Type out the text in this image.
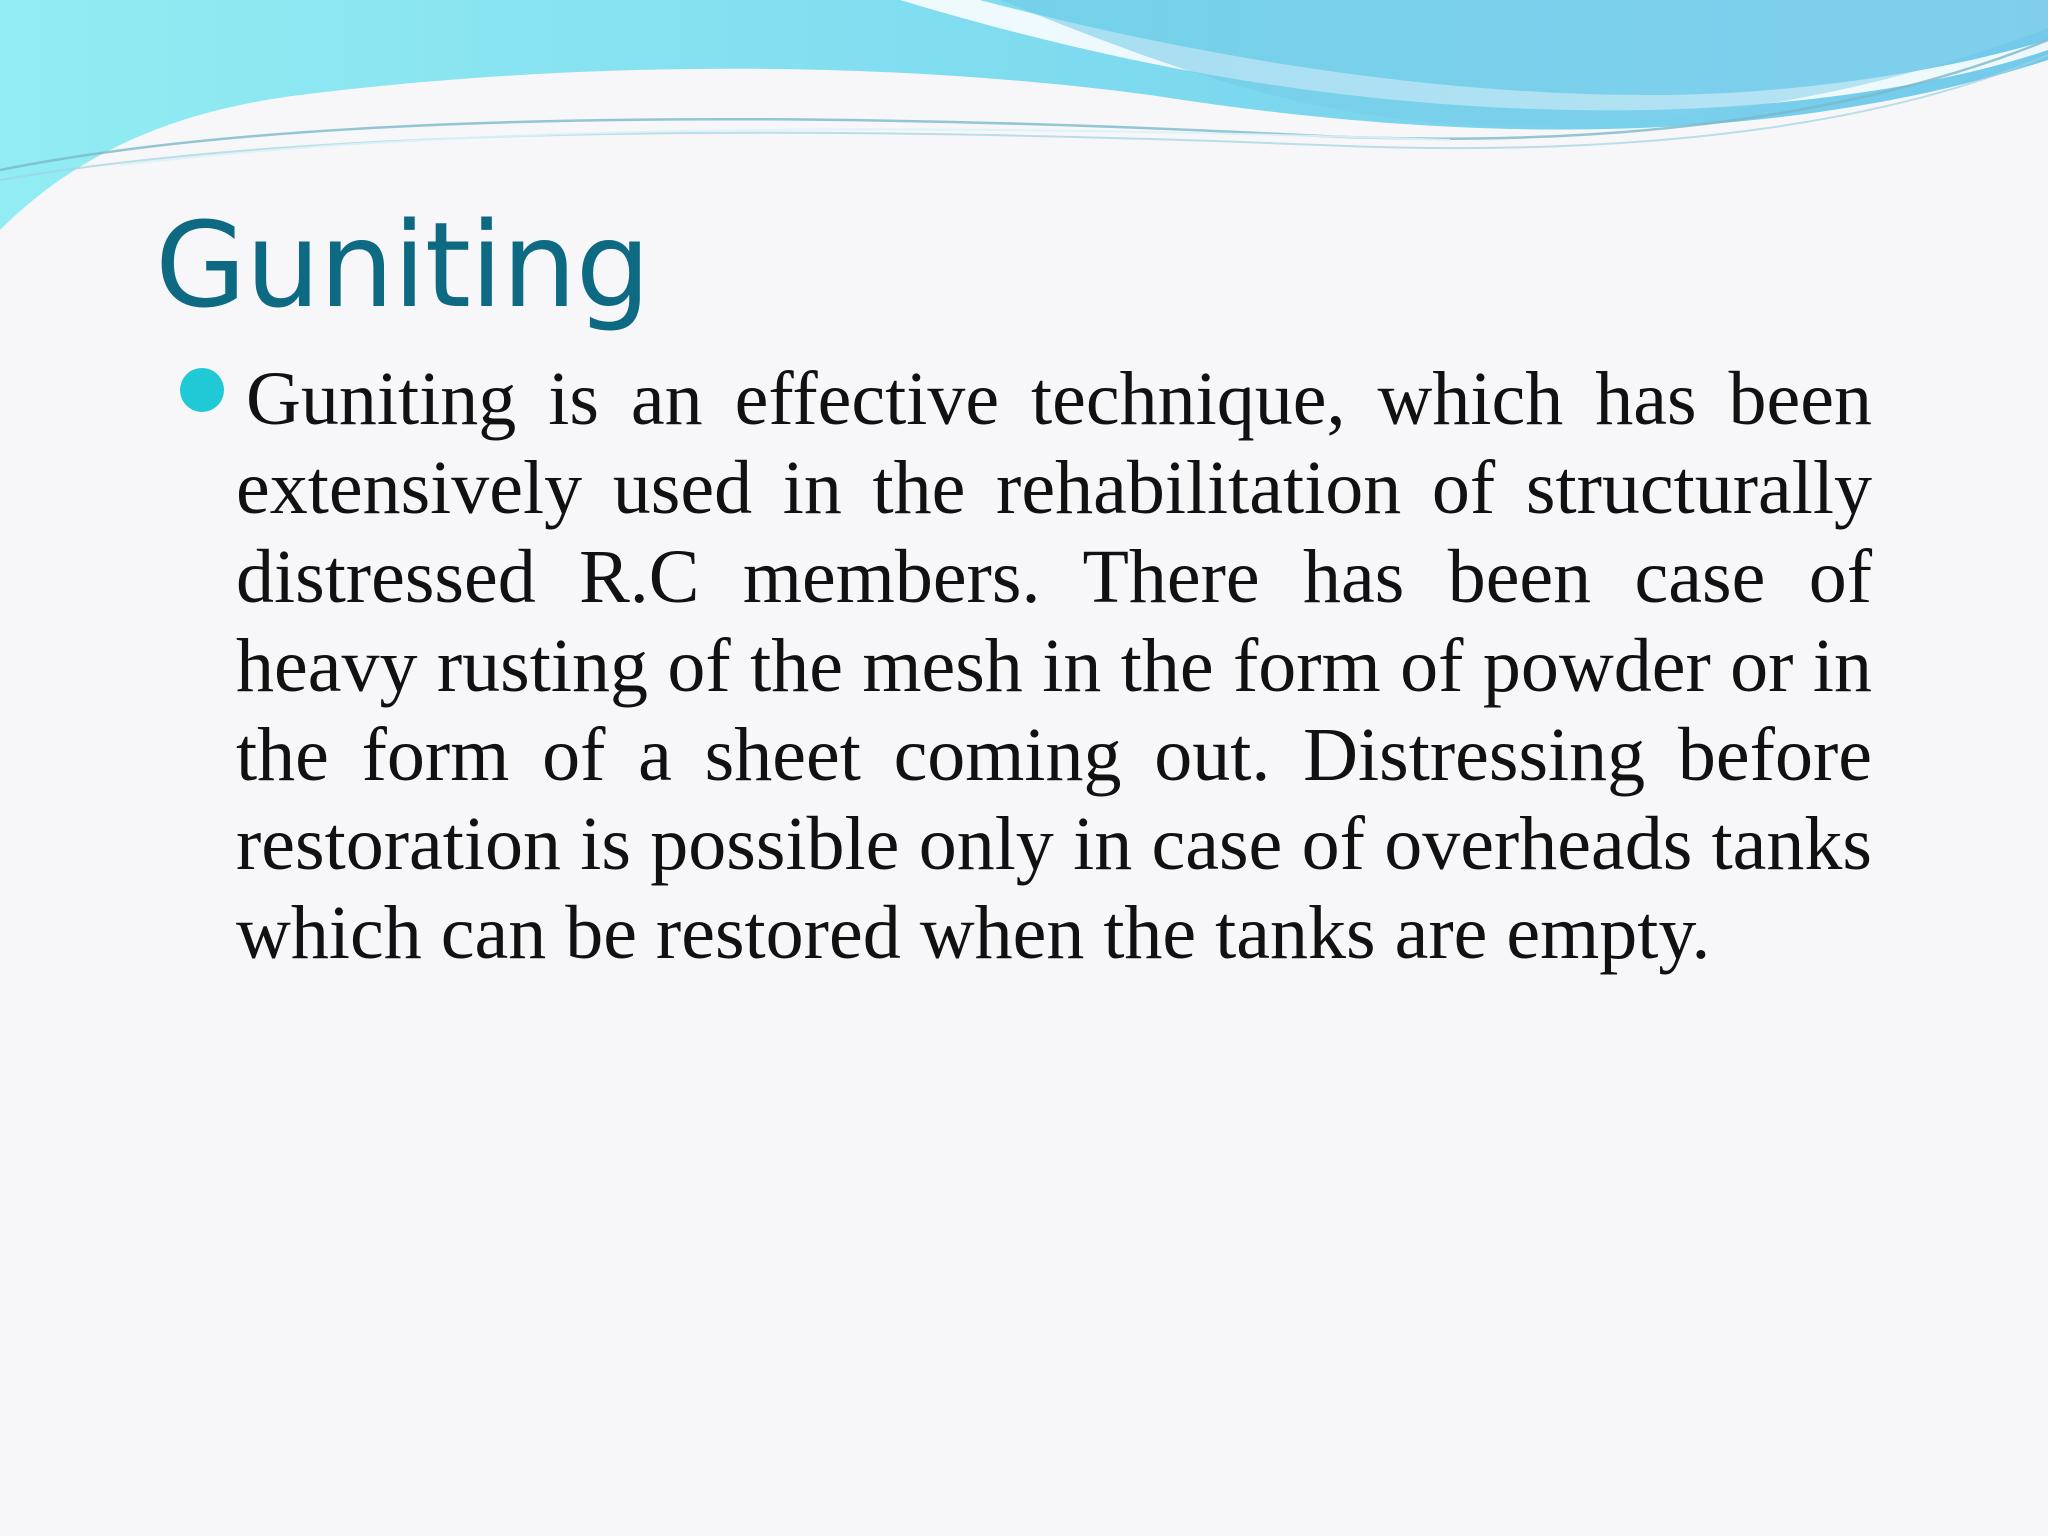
Guniting

Guniting is an effective technique, which has been extensively used in the rehabilitation of structurally distressed R.C members. There has been case of heavy rusting of the mesh in the form of powder or in the form of a sheet coming out. Distressing before restoration is possible only in case of overheads tanks which can be restored when the tanks are empty.
